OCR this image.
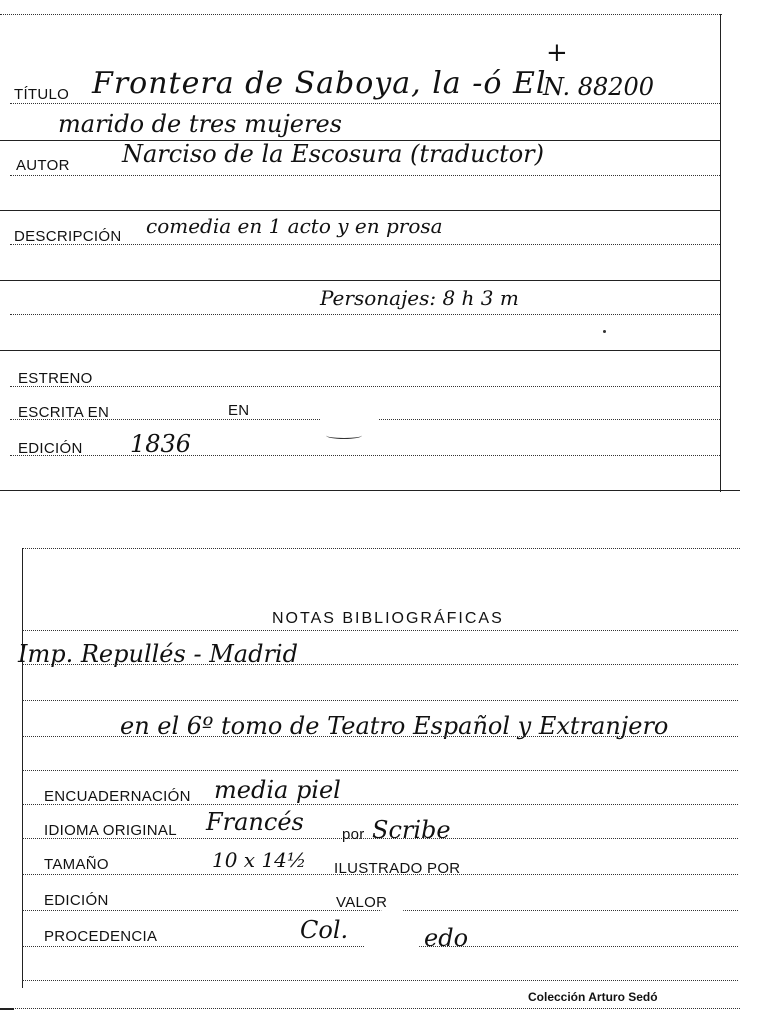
TÍTULO Frontera de Saboya, la -ó El
+
N. 88200
marido de tres mujeres
AUTOR Narciso de la Escosura (traductor)
DESCRIPCIÓN comedia en 1 acto y en prosa
Personajes: 8 h 3 m
ESTRENO
ESCRITA EN	EN
EDICIÓN 1836
NOTAS BIBLIOGRÁFICAS
Imp. Repullés - Madrid
en el 6º tomo de Teatro Español y Extranjero
ENCUADERNACIÓN media piel
IDIOMA ORIGINAL Francés	por Scribe
TAMAÑO	10 x 14½ ILUSTRADO POR
EDICIÓN	VALOR
PROCEDENCIA	Col.	edo
Colección Arturo Sedó
